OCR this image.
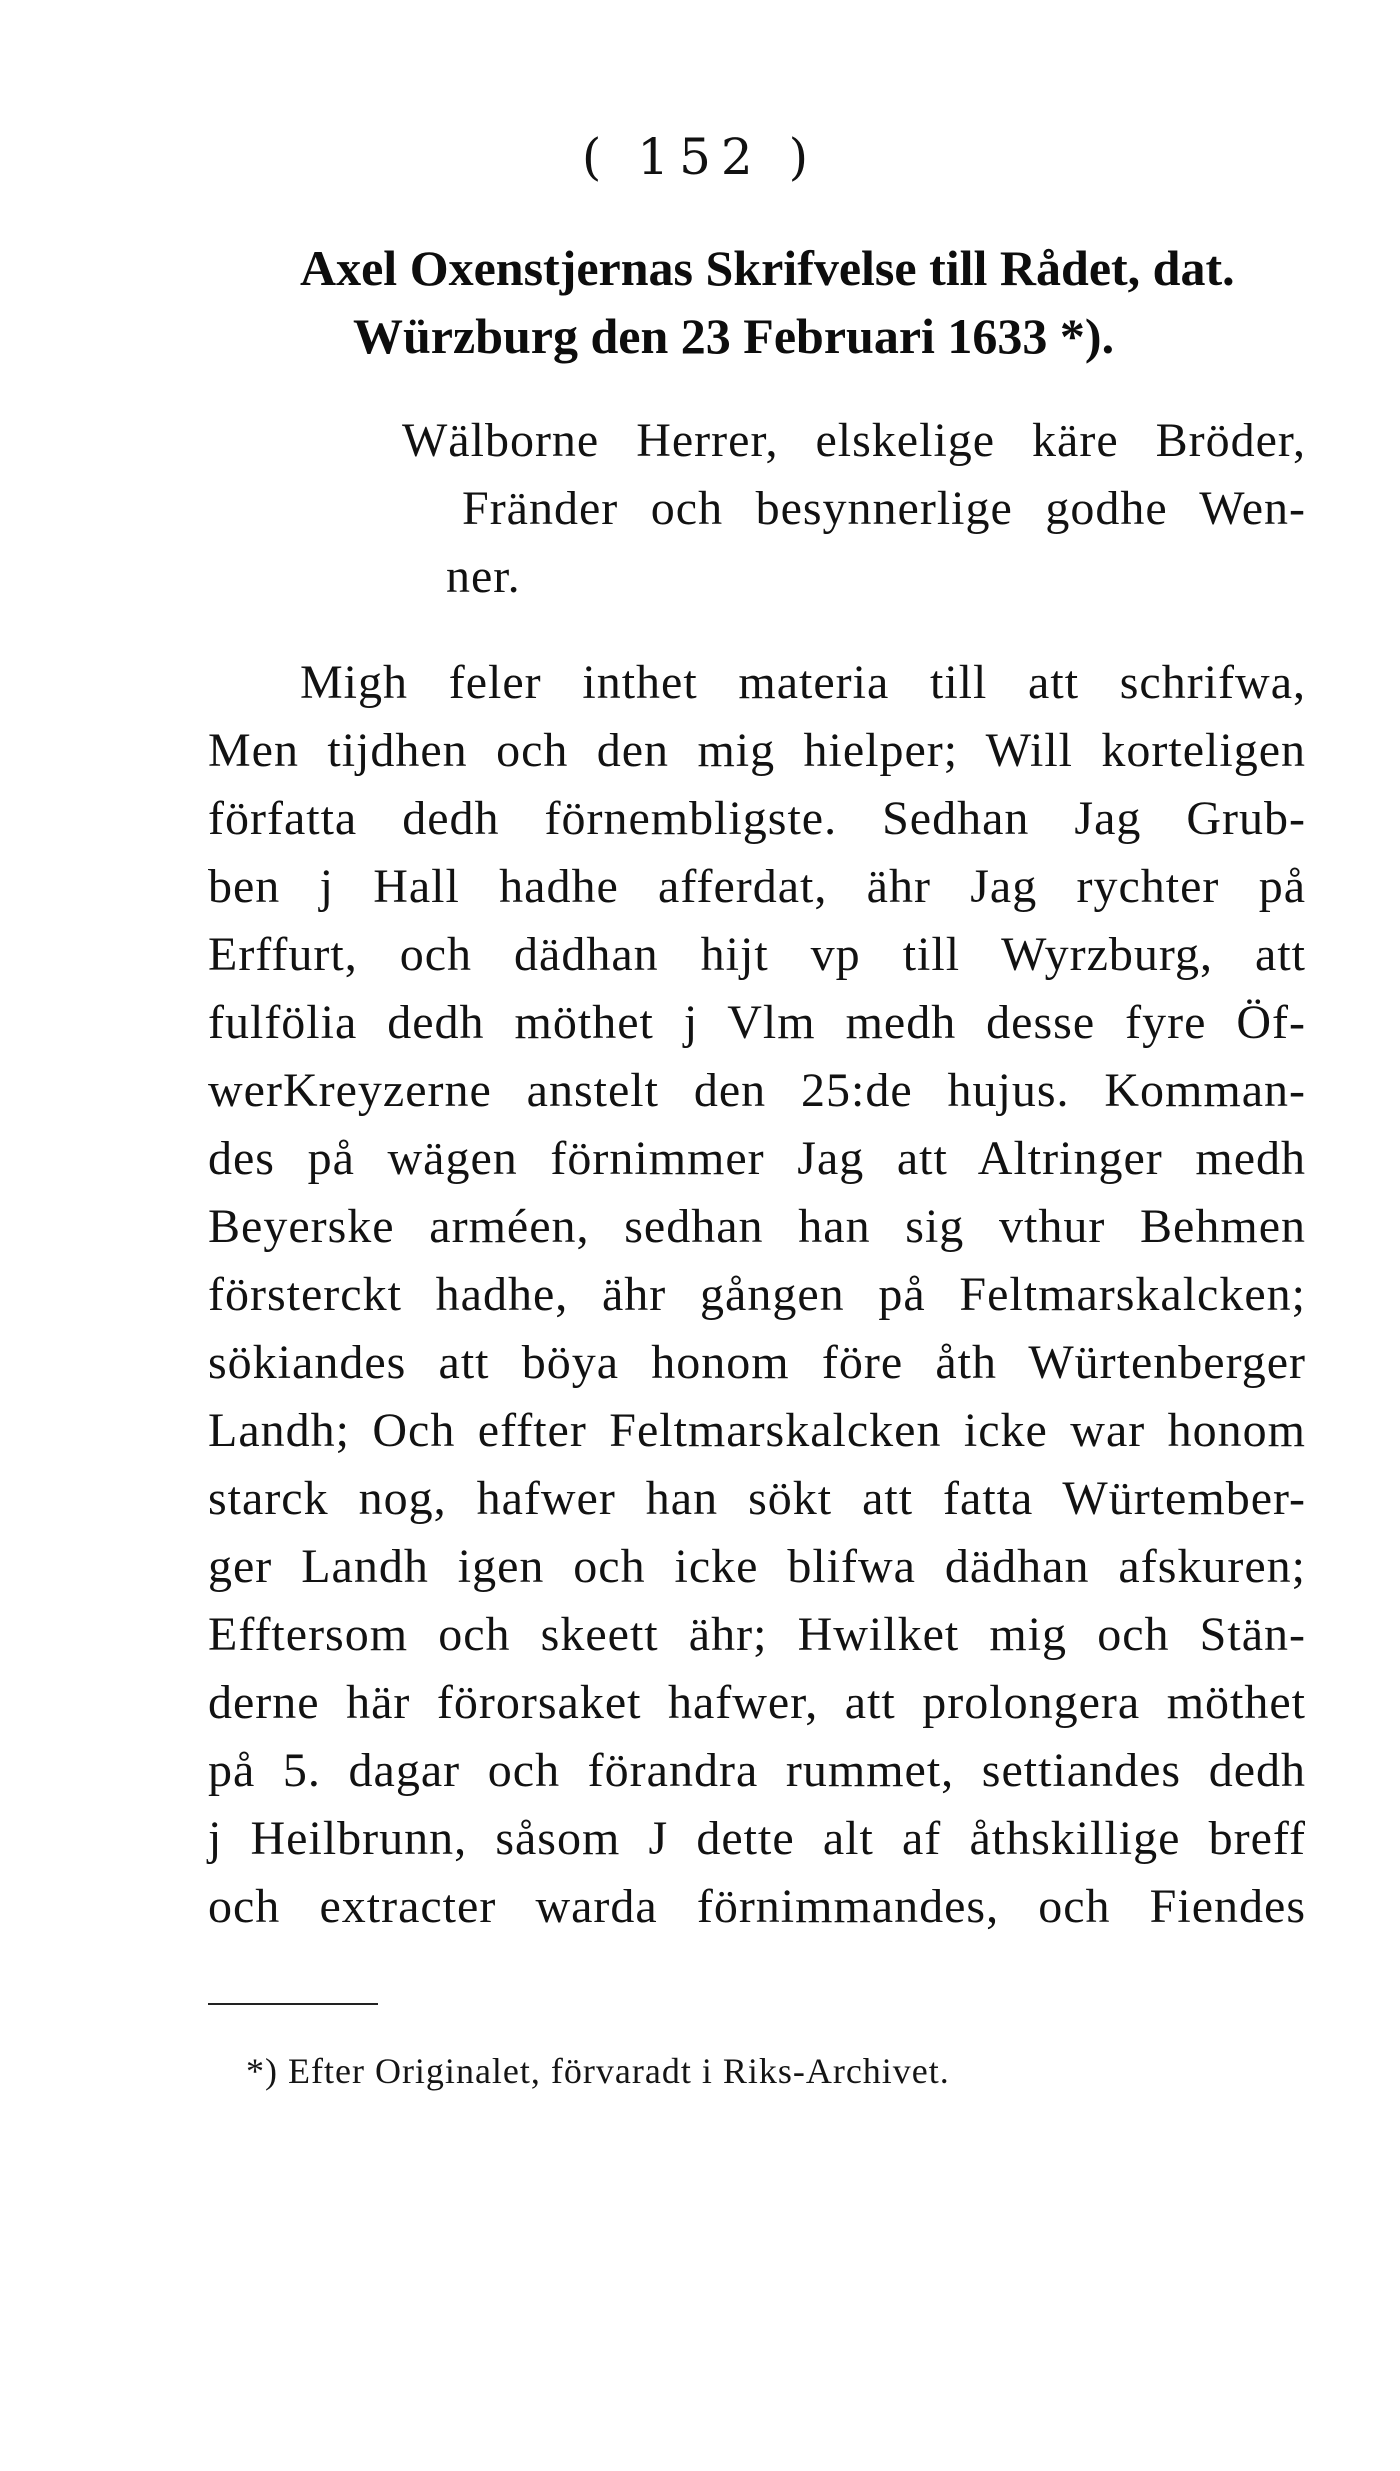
( 152 )
Axel Oxenstjernas Skrifvelse till Rådet, dat.
Würzburg den 23 Februari 1633 *).
Wälborne Herrer, elskelige käre Bröder,
Fränder och besynnerlige godhe Wen-
ner.
Migh feler inthet materia till att schrifwa,
Men tijdhen och den mig hielper; Will korteligen
författa dedh förnembligste. Sedhan Jag Grub-
ben j Hall hadhe afferdat, ähr Jag rychter på
Erffurt, och dädhan hijt vp till Wyrzburg, att
fulfölia dedh möthet j Vlm medh desse fyre Öf-
werKreyzerne anstelt den 25:de hujus. Komman-
des på wägen förnimmer Jag att Altringer medh
Beyerske arméen, sedhan han sig vthur Behmen
försterckt hadhe, ähr gången på Feltmarskalcken;
sökiandes att böya honom före åth Würtenberger
Landh; Och effter Feltmarskalcken icke war honom
starck nog, hafwer han sökt att fatta Würtember-
ger Landh igen och icke blifwa dädhan afskuren;
Efftersom och skeett ähr; Hwilket mig och Stän-
derne här förorsaket hafwer, att prolongera möthet
på 5. dagar och förandra rummet, settiandes dedh
j Heilbrunn, såsom J dette alt af åthskillige breff
och extracter warda förnimmandes, och Fiendes
*) Efter Originalet, förvaradt i Riks-Archivet.
